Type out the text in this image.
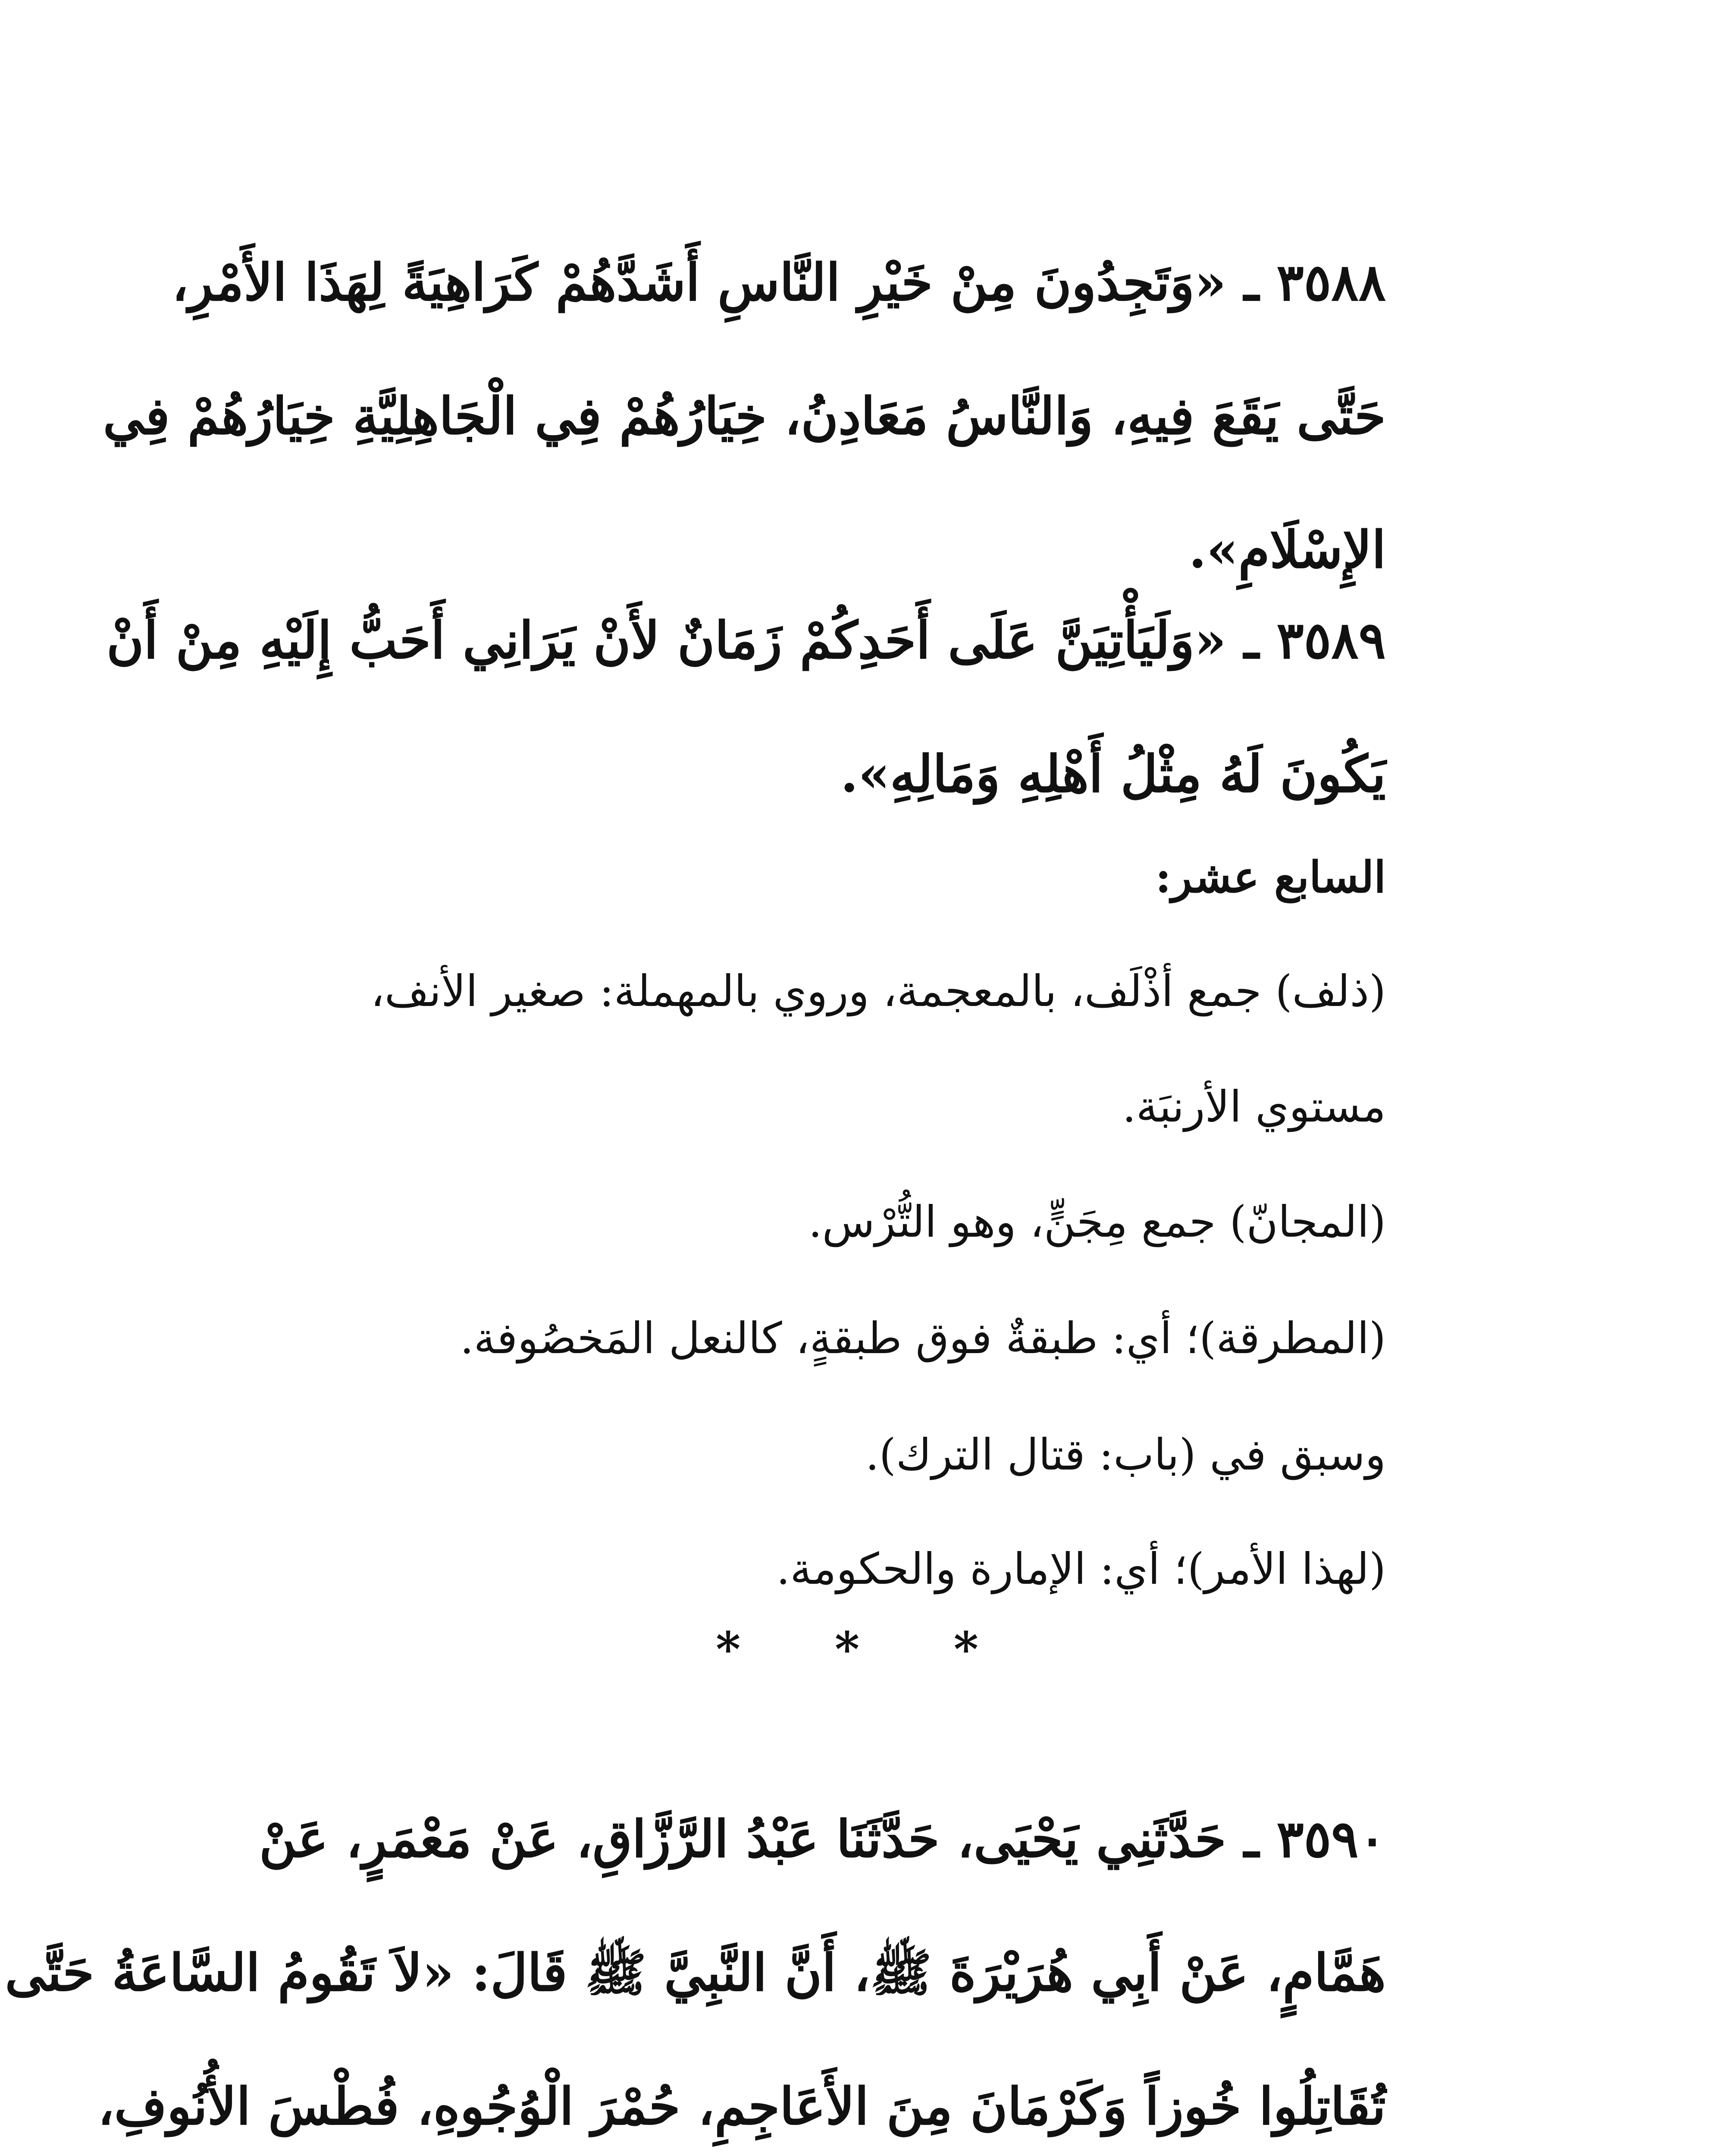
٣٥٨٨ ـ «وَتَجِدُونَ مِنْ خَيْرِ النَّاسِ أَشَدَّهُمْ كَرَاهِيَةً لِهَذَا الأَمْرِ،
حَتَّى يَقَعَ فِيهِ، وَالنَّاسُ مَعَادِنُ، خِيَارُهُمْ فِي الْجَاهِلِيَّةِ خِيَارُهُمْ فِي
الإِسْلَامِ».
٣٥٨٩ ـ «وَلَيَأْتِيَنَّ عَلَى أَحَدِكُمْ زَمَانٌ لأَنْ يَرَانِي أَحَبُّ إِلَيْهِ مِنْ أَنْ
يَكُونَ لَهُ مِثْلُ أَهْلِهِ وَمَالِهِ».
السابع عشر:
(ذلف) جمع أذْلَف، بالمعجمة، وروي بالمهملة: صغير الأنف،
مستوي الأرنبَة.
(المجانّ) جمع مِجَنٍّ، وهو التُّرْس.
(المطرقة)؛ أي: طبقةٌ فوق طبقةٍ، كالنعل المَخصُوفة.
وسبق في (باب: قتال الترك).
(لهذا الأمر)؛ أي: الإمارة والحكومة.
* * *
٣٥٩٠ ـ حَدَّثَنِي يَحْيَى، حَدَّثَنَا عَبْدُ الرَّزَّاقِ، عَنْ مَعْمَرٍ، عَنْ
هَمَّامٍ، عَنْ أَبِي هُرَيْرَةَ ﷺ، أَنَّ النَّبِيَّ ﷺ قَالَ: «لاَ تَقُومُ السَّاعَةُ حَتَّى
تُقَاتِلُوا خُوزاً وَكَرْمَانَ مِنَ الأَعَاجِمِ، حُمْرَ الْوُجُوهِ، فُطْسَ الأُنُوفِ،
